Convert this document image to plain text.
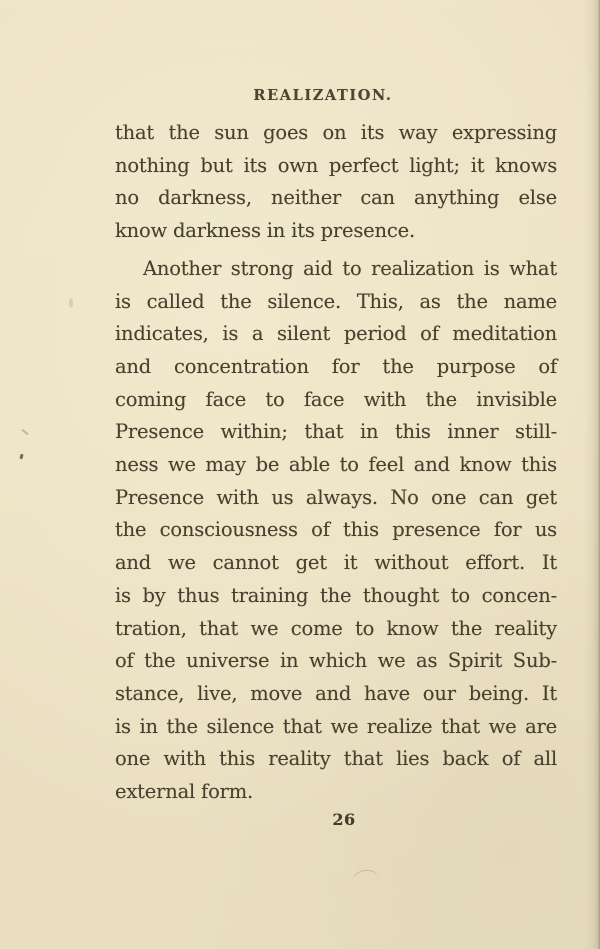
REALIZATION.
that the sun goes on its way expressing
nothing but its own perfect light; it knows
no darkness, neither can anything else
know darkness in its presence.
Another strong aid to realization is what
is called the silence. This, as the name
indicates, is a silent period of meditation
and concentration for the purpose of
coming face to face with the invisible
Presence within; that in this inner still-
ness we may be able to feel and know this
Presence with us always. No one can get
the consciousness of this presence for us
and we cannot get it without effort. It
is by thus training the thought to concen-
tration, that we come to know the reality
of the universe in which we as Spirit Sub-
stance, live, move and have our being. It
is in the silence that we realize that we are
one with this reality that lies back of all
external form.
26
